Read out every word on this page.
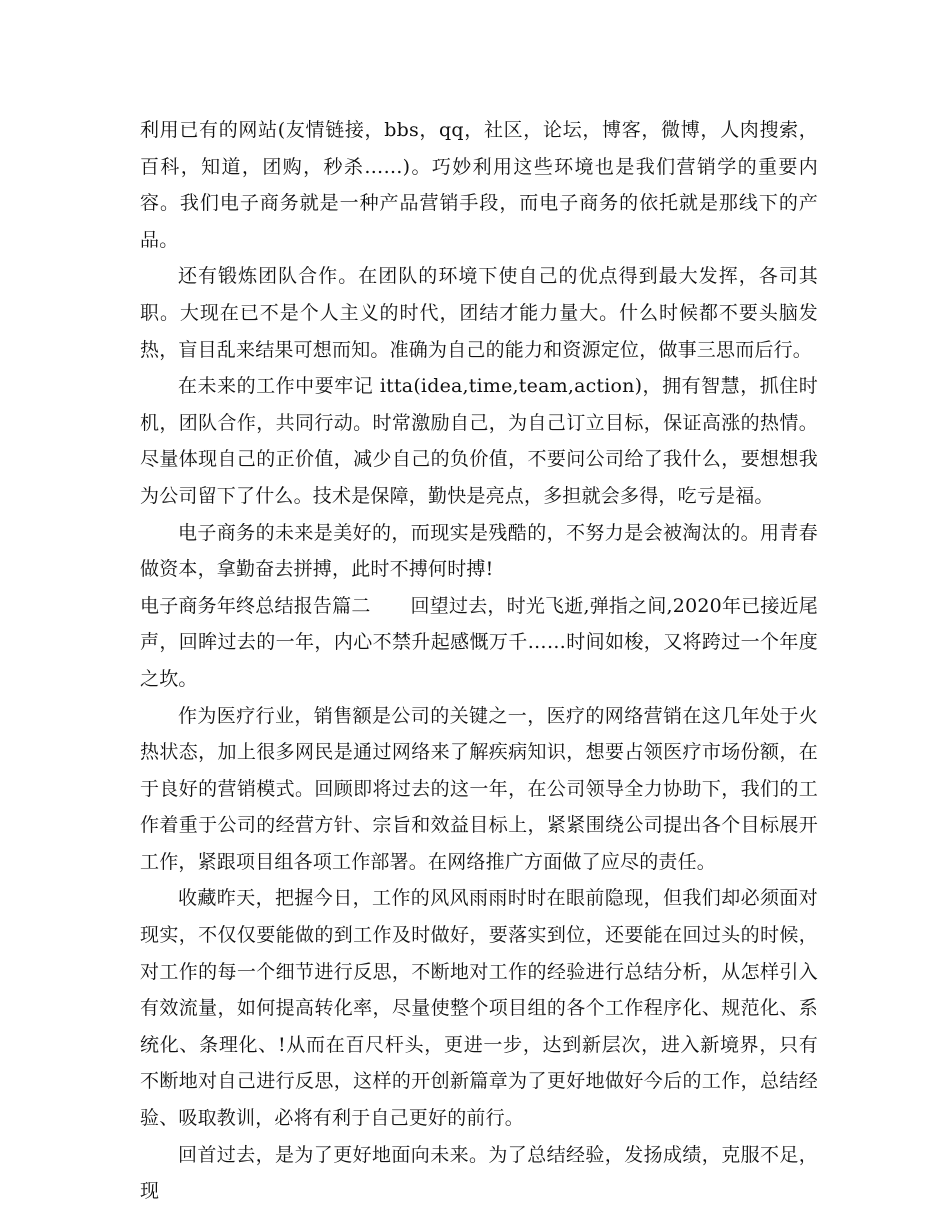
利用已有的网站(友情链接，bbs，qq，社区，论坛，博客，微博，人肉搜索，百科，知道，团购，秒杀……)。巧妙利用这些环境也是我们营销学的重要内容。我们电子商务就是一种产品营销手段，而电子商务的依托就是那线下的产品。

还有锻炼团队合作。在团队的环境下使自己的优点得到最大发挥，各司其职。大现在已不是个人主义的时代，团结才能力量大。什么时候都不要头脑发热，盲目乱来结果可想而知。准确为自己的能力和资源定位，做事三思而后行。

在未来的工作中要牢记 itta(idea,time,team,action)，拥有智慧，抓住时机，团队合作，共同行动。时常激励自己，为自己订立目标，保证高涨的热情。尽量体现自己的正价值，减少自己的负价值，不要问公司给了我什么，要想想我为公司留下了什么。技术是保障，勤快是亮点，多担就会多得，吃亏是福。

电子商务的未来是美好的，而现实是残酷的，不努力是会被淘汰的。用青春做资本，拿勤奋去拼搏，此时不搏何时搏!

电子商务年终总结报告篇二 回望过去，时光飞逝,弹指之间,2020年已接近尾声，回眸过去的一年，内心不禁升起感慨万千……时间如梭，又将跨过一个年度之坎。

作为医疗行业，销售额是公司的关键之一，医疗的网络营销在这几年处于火热状态，加上很多网民是通过网络来了解疾病知识，想要占领医疗市场份额，在于良好的营销模式。回顾即将过去的这一年，在公司领导全力协助下，我们的工作着重于公司的经营方针、宗旨和效益目标上，紧紧围绕公司提出各个目标展开工作，紧跟项目组各项工作部署。在网络推广方面做了应尽的责任。

收藏昨天，把握今日，工作的风风雨雨时时在眼前隐现，但我们却必须面对现实，不仅仅要能做的到工作及时做好，要落实到位，还要能在回过头的时候，对工作的每一个细节进行反思，不断地对工作的经验进行总结分析，从怎样引入有效流量，如何提高转化率，尽量使整个项目组的各个工作程序化、规范化、系统化、条理化、!从而在百尺杆头，更进一步，达到新层次，进入新境界，只有不断地对自己进行反思，这样的开创新篇章为了更好地做好今后的工作，总结经验、吸取教训，必将有利于自己更好的前行。

回首过去，是为了更好地面向未来。为了总结经验，发扬成绩，克服不足，现
